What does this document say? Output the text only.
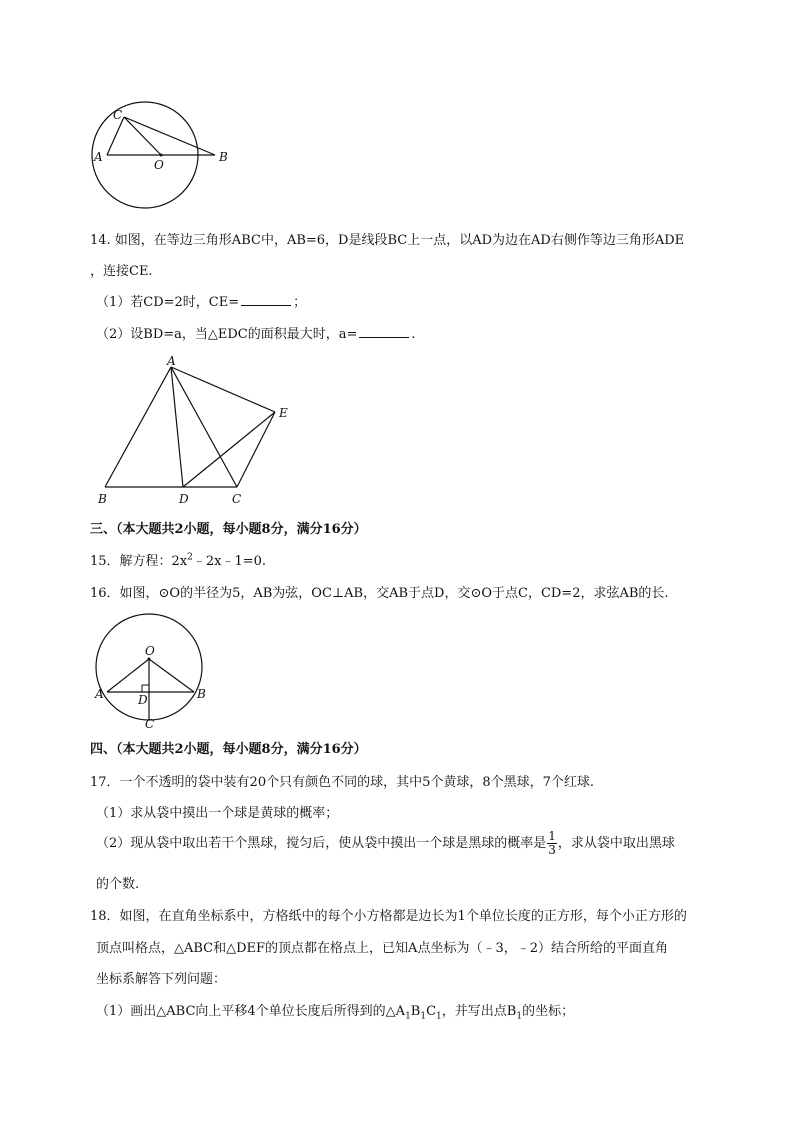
C
A
O
B
14. 如图，在等边三角形ABC中，AB=6，D是线段BC上一点，以AD为边在AD右侧作等边三角形ADE
，连接CE.
（1）若CD=2时，CE=	；
（2）设BD=a，当△EDC的面积最大时，a=	.
A
E
B	D	C
三、（本大题共2小题，每小题8分，满分16分）
15．解方程：$2x^2﹣2x﹣1=0$.
16．如图，⊙O的半径为5，AB为弦，OC⊥AB，交AB于点D，交⊙O于点C，CD=2，求弦AB的长.
O
A	D	B
C
四、（本大题共2小题，每小题8分，满分16分）
17．一个不透明的袋中装有20个只有颜色不同的球，其中5个黄球，8个黑球，7个红球.
（1）求从袋中摸出一个球是黄球的概率；
（2）现从袋中取出若干个黑球，搅匀后，使从袋中摸出一个球是黑球的概率是 $\frac{1}{3}$ ，求从袋中取出黑球
的个数.
18．如图，在直角坐标系中，方格纸中的每个小方格都是边长为1个单位长度的正方形，每个小正方形的
顶点叫格点，△ABC和△DEF的顶点都在格点上，已知A点坐标为（﹣3，﹣2）结合所给的平面直角
坐标系解答下列问题：
（1）画出△ABC向上平移4个单位长度后所得到的$\triangle A_1B_1C_1$，并写出点$B_1$的坐标；
